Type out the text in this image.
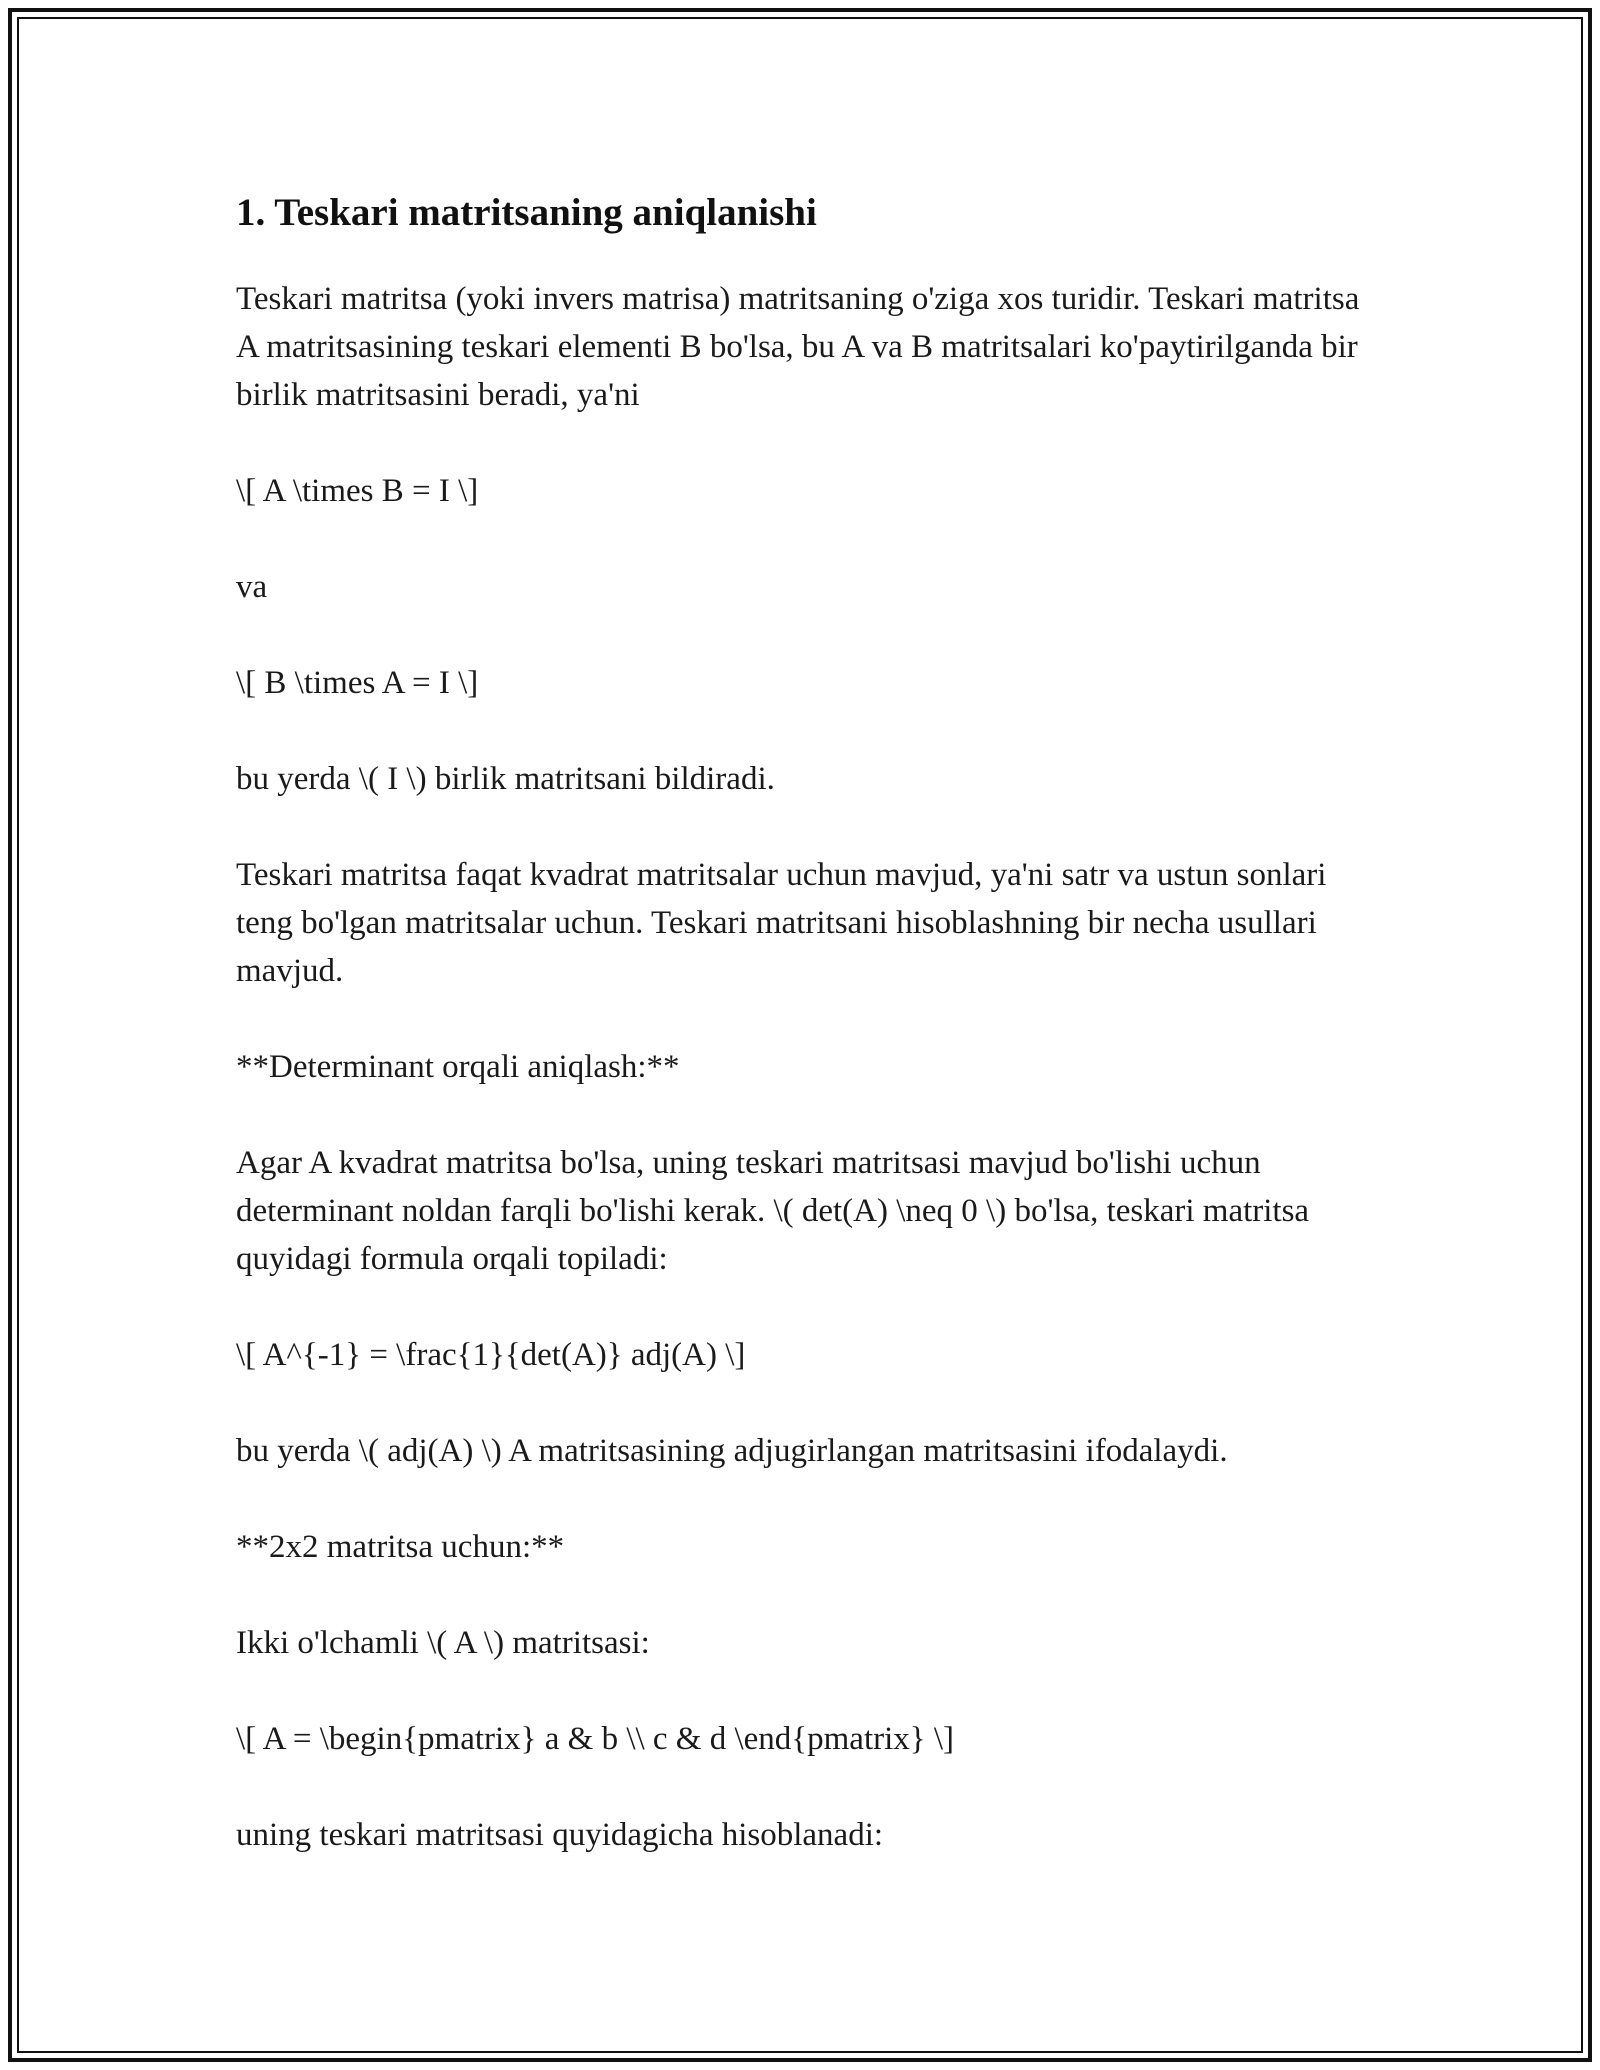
1. Teskari matritsaning aniqlanishi

Teskari matritsa (yoki invers matrisa) matritsaning o'ziga xos turidir. Teskari matritsa A matritsasining teskari elementi B bo'lsa, bu A va B matritsalari ko'paytirilganda bir birlik matritsasini beradi, ya'ni

\[ A \times B = I \]

va

\[ B \times A = I \]

bu yerda \( I \) birlik matritsani bildiradi.

Teskari matritsa faqat kvadrat matritsalar uchun mavjud, ya'ni satr va ustun sonlari teng bo'lgan matritsalar uchun. Teskari matritsani hisoblashning bir necha usullari mavjud.

**Determinant orqali aniqlash:**

Agar A kvadrat matritsa bo'lsa, uning teskari matritsasi mavjud bo'lishi uchun determinant noldan farqli bo'lishi kerak. \( det(A) \neq 0 \) bo'lsa, teskari matritsa quyidagi formula orqali topiladi:

\[ A^{-1} = \frac{1}{det(A)} adj(A) \]

bu yerda \( adj(A) \) A matritsasining adjugirlangan matritsasini ifodalaydi.

**2x2 matritsa uchun:**

Ikki o'lchamli \( A \) matritsasi:

\[ A = \begin{pmatrix} a & b \\ c & d \end{pmatrix} \]

uning teskari matritsasi quyidagicha hisoblanadi:
